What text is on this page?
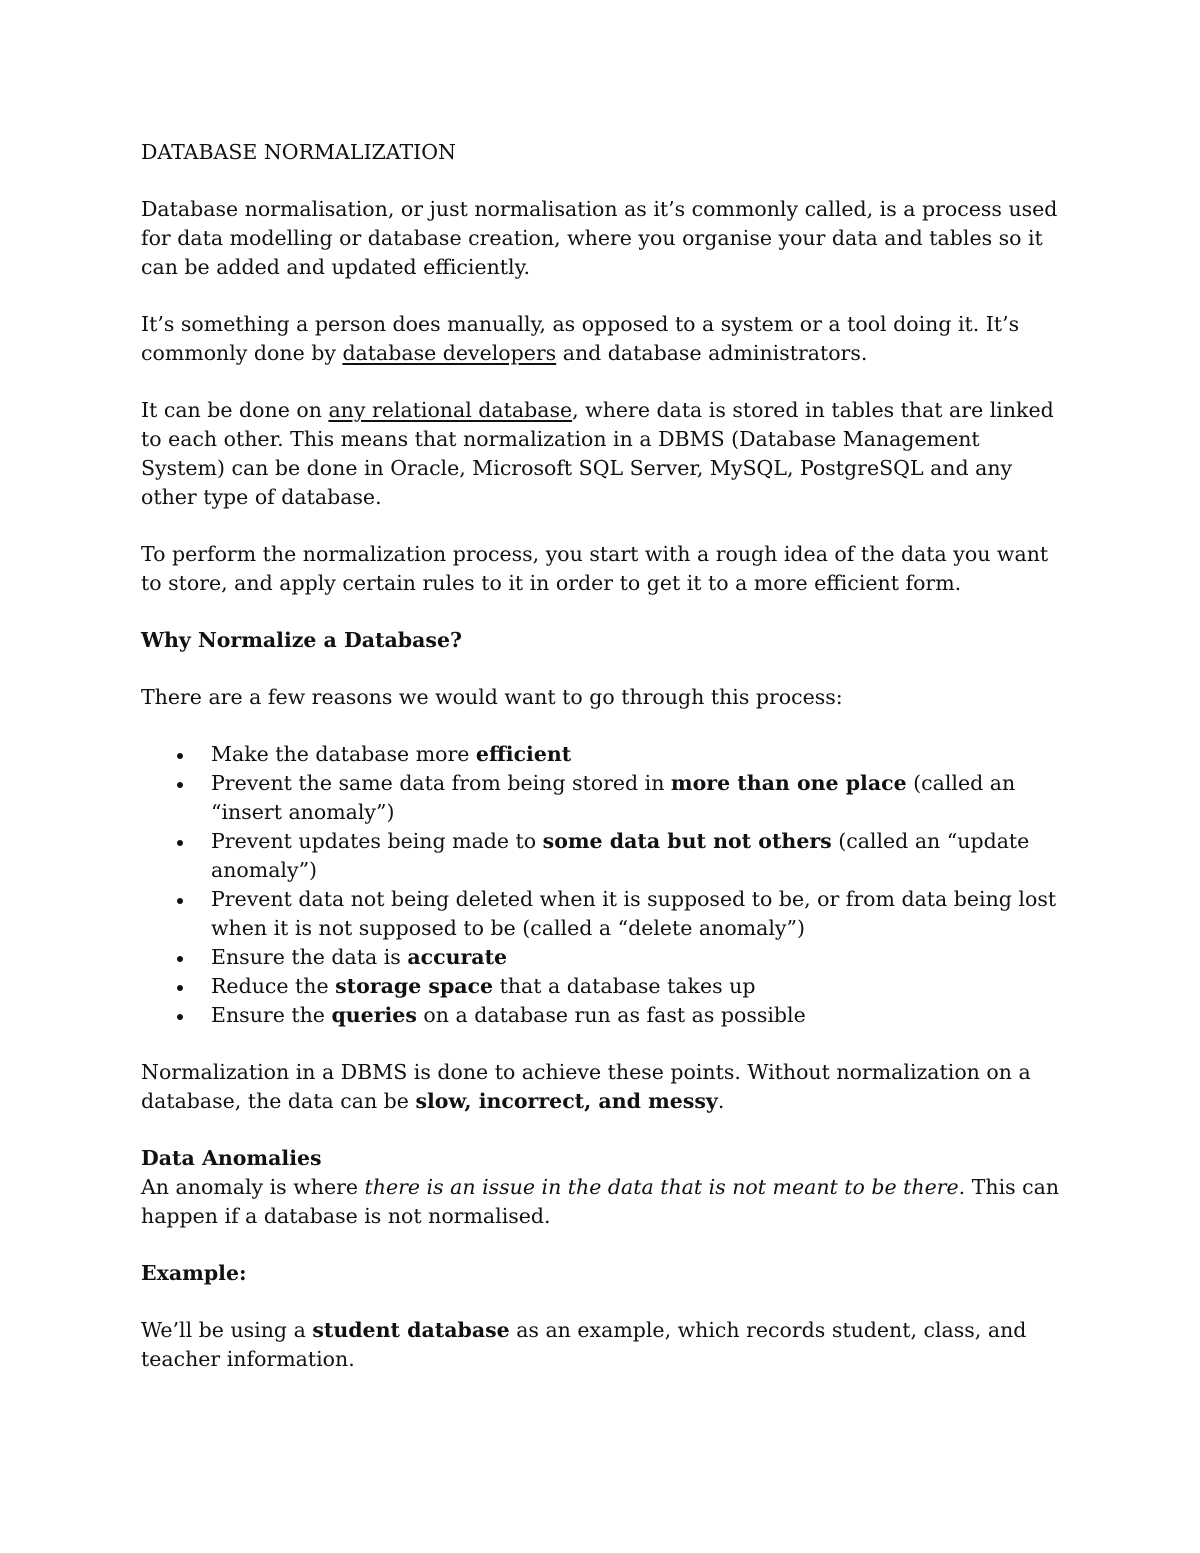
DATABASE NORMALIZATION

Database normalisation, or just normalisation as it’s commonly called, is a process used for data modelling or database creation, where you organise your data and tables so it can be added and updated efficiently.

It’s something a person does manually, as opposed to a system or a tool doing it. It’s commonly done by database developers and database administrators.

It can be done on any relational database, where data is stored in tables that are linked to each other. This means that normalization in a DBMS (Database Management System) can be done in Oracle, Microsoft SQL Server, MySQL, PostgreSQL and any other type of database.

To perform the normalization process, you start with a rough idea of the data you want to store, and apply certain rules to it in order to get it to a more efficient form.

Why Normalize a Database?

There are a few reasons we would want to go through this process:

Make the database more efficient
Prevent the same data from being stored in more than one place (called an “insert anomaly”)
Prevent updates being made to some data but not others (called an “update anomaly”)
Prevent data not being deleted when it is supposed to be, or from data being lost when it is not supposed to be (called a “delete anomaly”)
Ensure the data is accurate
Reduce the storage space that a database takes up
Ensure the queries on a database run as fast as possible

Normalization in a DBMS is done to achieve these points. Without normalization on a database, the data can be slow, incorrect, and messy.

Data Anomalies

An anomaly is where there is an issue in the data that is not meant to be there. This can happen if a database is not normalised.

Example:

We’ll be using a student database as an example, which records student, class, and teacher information.
